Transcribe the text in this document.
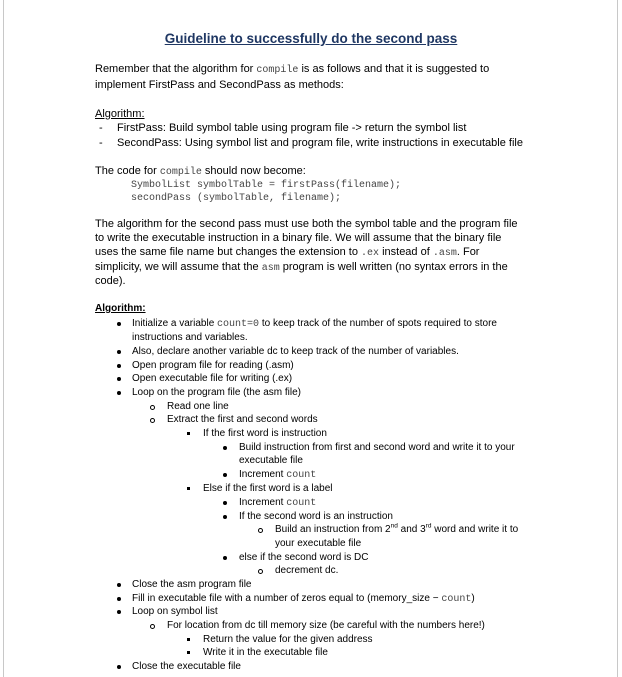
Guideline to successfully do the second pass
Remember that the algorithm for compile is as follows and that it is suggested to implement FirstPass and SecondPass as methods:
Algorithm:
- FirstPass: Build symbol table using program file -> return the symbol list
- SecondPass: Using symbol list and program file, write instructions in executable file
The code for compile should now become:
SymbolList symbolTable = firstPass(filename);
secondPass (symbolTable, filename);
The algorithm for the second pass must use both the symbol table and the program file
to write the executable instruction in a binary file. We will assume that the binary file
uses the same file name but changes the extension to .ex instead of .asm. For
simplicity, we will assume that the asm program is well written (no syntax errors in the
code).
Algorithm:
Initialize a variable count=0 to keep track of the number of spots required to store
instructions and variables.
Also, declare another variable dc to keep track of the number of variables.
Open program file for reading (.asm)
Open executable file for writing (.ex)
Loop on the program file (the asm file)
Read one line
Extract the first and second words
If the first word is instruction
Build instruction from first and second word and write it to your
executable file
Increment count
Else if the first word is a label
Increment count
If the second word is an instruction
Build an instruction from 2nd and 3rd word and write it to
your executable file
else if the second word is DC
decrement dc.
Close the asm program file
Fill in executable file with a number of zeros equal to (memory_size − count)
Loop on symbol list
For location from dc till memory size (be careful with the numbers here!)
Return the value for the given address
Write it in the executable file
Close the executable file
